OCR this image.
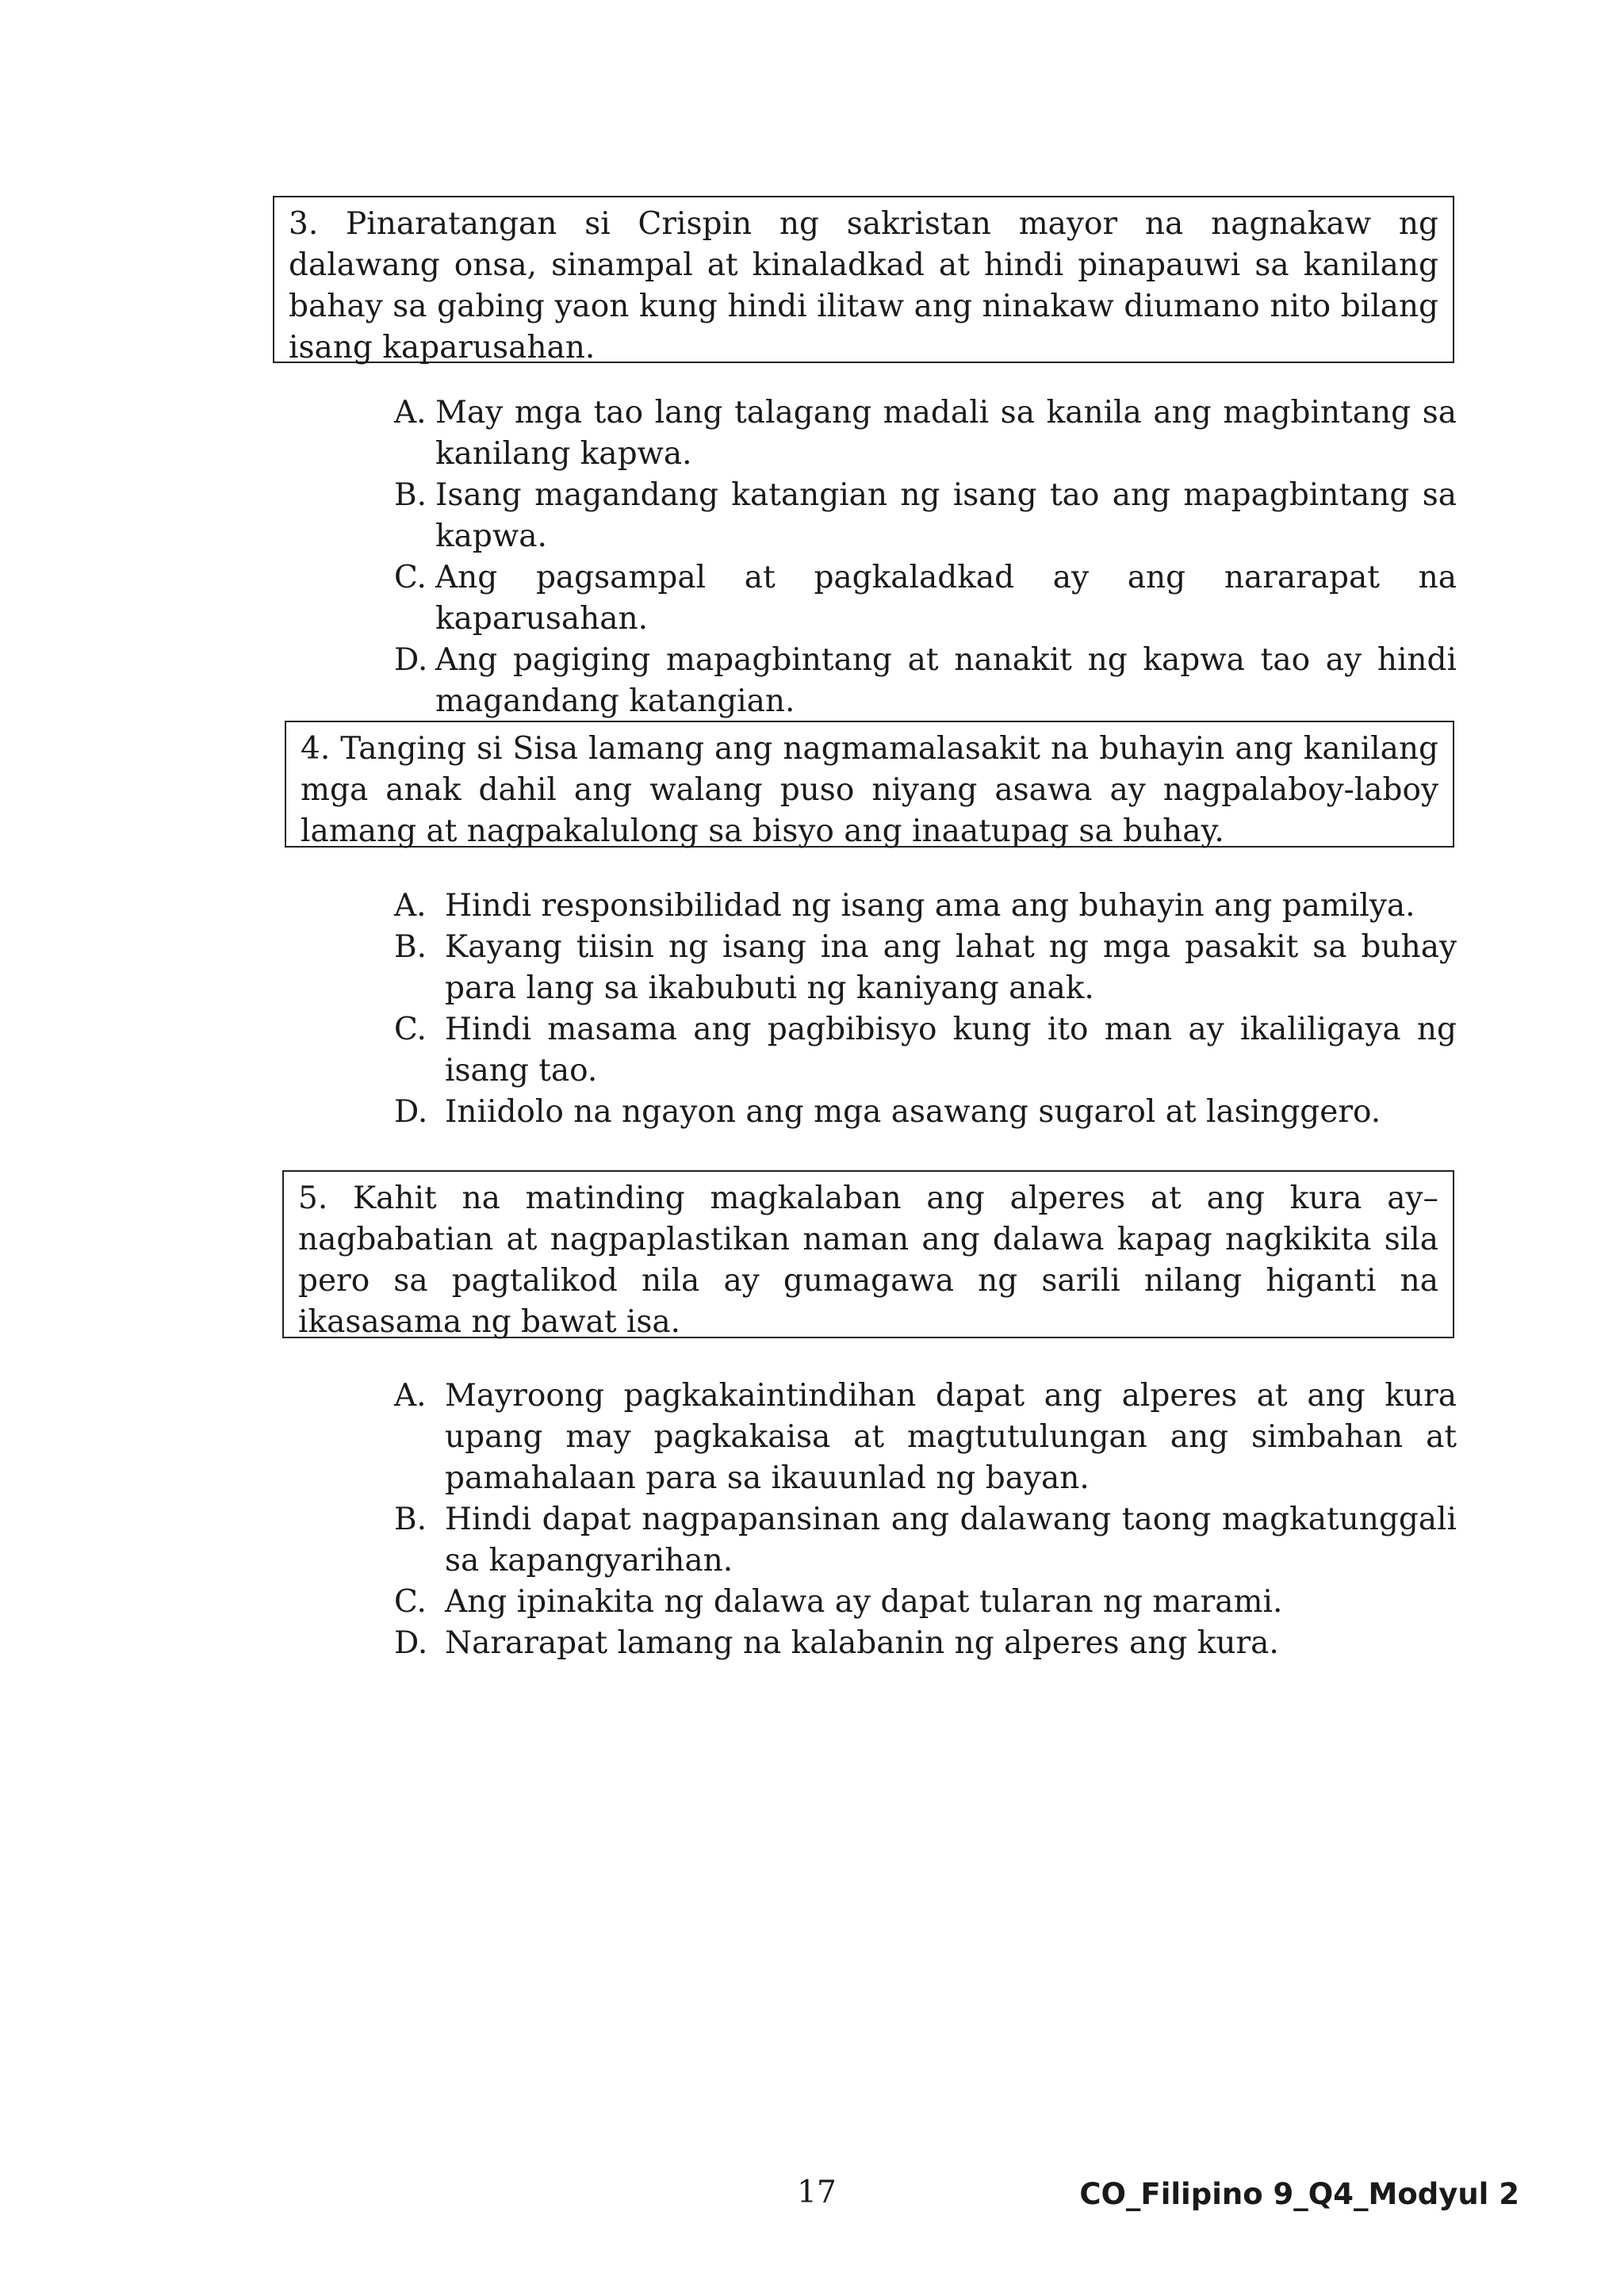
3. Pinaratangan si Crispin ng sakristan mayor na nagnakaw ng dalawang onsa, sinampal at kinaladkad at hindi pinapauwi sa kanilang bahay sa gabing yaon kung hindi ilitaw ang ninakaw diumano nito bilang isang kaparusahan.
A. May mga tao lang talagang madali sa kanila ang magbintang sa kanilang kapwa.
B. Isang magandang katangian ng isang tao ang mapagbintang sa kapwa.
C. Ang pagsampal at pagkaladkad ay ang nararapat na kaparusahan.
D. Ang pagiging mapagbintang at nanakit ng kapwa tao ay hindi magandang katangian.
4. Tanging si Sisa lamang ang nagmamalasakit na buhayin ang kanilang mga anak dahil ang walang puso niyang asawa ay nagpalaboy-laboy lamang at nagpakalulong sa bisyo ang inaatupag sa buhay.
A. Hindi responsibilidad ng isang ama ang buhayin ang pamilya.
B. Kayang tiisin ng isang ina ang lahat ng mga pasakit sa buhay para lang sa ikabubuti ng kaniyang anak.
C. Hindi masama ang pagbibisyo kung ito man ay ikaliligaya ng isang tao.
D. Iniidolo na ngayon ang mga asawang sugarol at lasinggero.
5. Kahit na matinding magkalaban ang alperes at ang kura ay–nagbabatian at nagpaplastikan naman ang dalawa kapag nagkikita sila pero sa pagtalikod nila ay gumagawa ng sarili nilang higanti na ikasasama ng bawat isa.
A. Mayroong pagkakaintindihan dapat ang alperes at ang kura upang may pagkakaisa at magtutulungan ang simbahan at pamahalaan para sa ikauunlad ng bayan.
B. Hindi dapat nagpapansinan ang dalawang taong magkatunggali sa kapangyarihan.
C. Ang ipinakita ng dalawa ay dapat tularan ng marami.
D. Nararapat lamang na kalabanin ng alperes ang kura.
17	CO_Filipino 9_Q4_Modyul 2
